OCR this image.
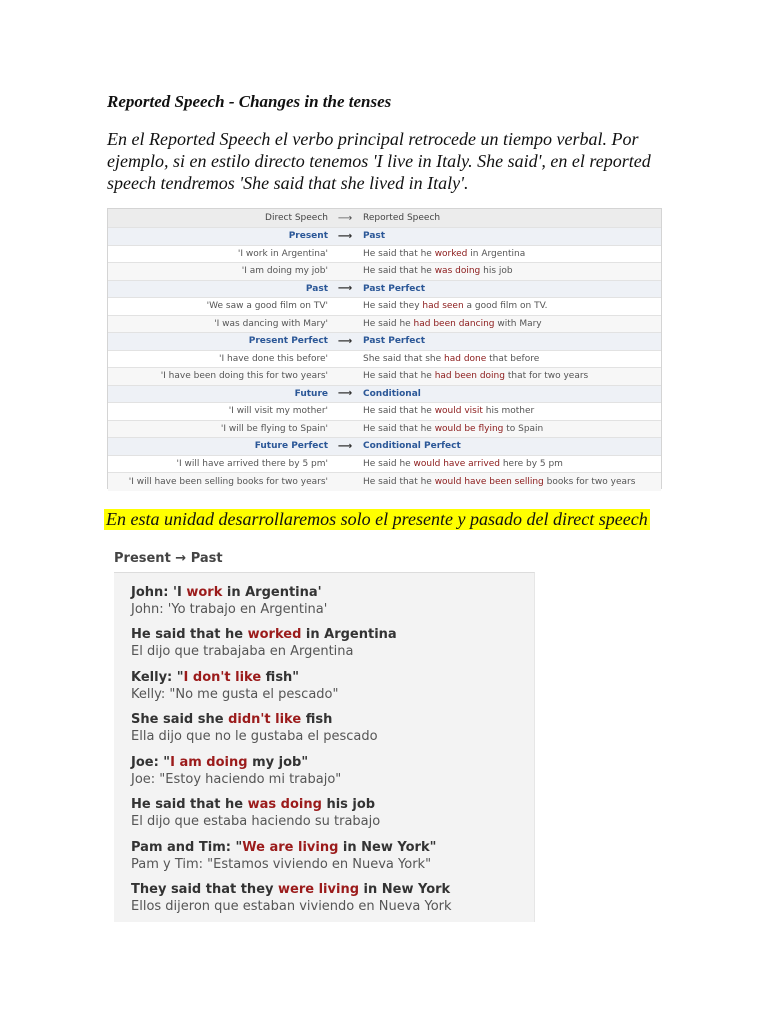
Reported Speech - Changes in the tenses
En el Reported Speech el verbo principal retrocede un tiempo verbal. Por ejemplo, si en estilo directo tenemos 'I live in Italy. She said', en el reported speech tendremos 'She said that she lived in Italy'.
Direct Speech ⟶	Reported Speech
Present ⟶	Past
'I work in Argentina'	He said that he worked in Argentina
'I am doing my job'	He said that he was doing his job
Past ⟶	Past Perfect
'We saw a good film on TV'	He said they had seen a good film on TV.
'I was dancing with Mary'	He said he had been dancing with Mary
Present Perfect ⟶	Past Perfect
'I have done this before'	She said that she had done that before
'I have been doing this for two years'	He said that he had been doing that for two years
Future ⟶	Conditional
'I will visit my mother'	He said that he would visit his mother
'I will be flying to Spain'	He said that he would be flying to Spain
Future Perfect ⟶	Conditional Perfect
'I will have arrived there by 5 pm'	He said he would have arrived here by 5 pm
'I will have been selling books for two years'	He said that he would have been selling books for two years
En esta unidad desarrollaremos solo el presente y pasado del direct speech
Present → Past
John: 'I work in Argentina'
John: 'Yo trabajo en Argentina'
He said that he worked in Argentina
El dijo que trabajaba en Argentina
Kelly: "I don't like fish"
Kelly: "No me gusta el pescado"
She said she didn't like fish
Ella dijo que no le gustaba el pescado
Joe: "I am doing my job"
Joe: "Estoy haciendo mi trabajo"
He said that he was doing his job
El dijo que estaba haciendo su trabajo
Pam and Tim: "We are living in New York"
Pam y Tim: "Estamos viviendo en Nueva York"
They said that they were living in New York
Ellos dijeron que estaban viviendo en Nueva York
